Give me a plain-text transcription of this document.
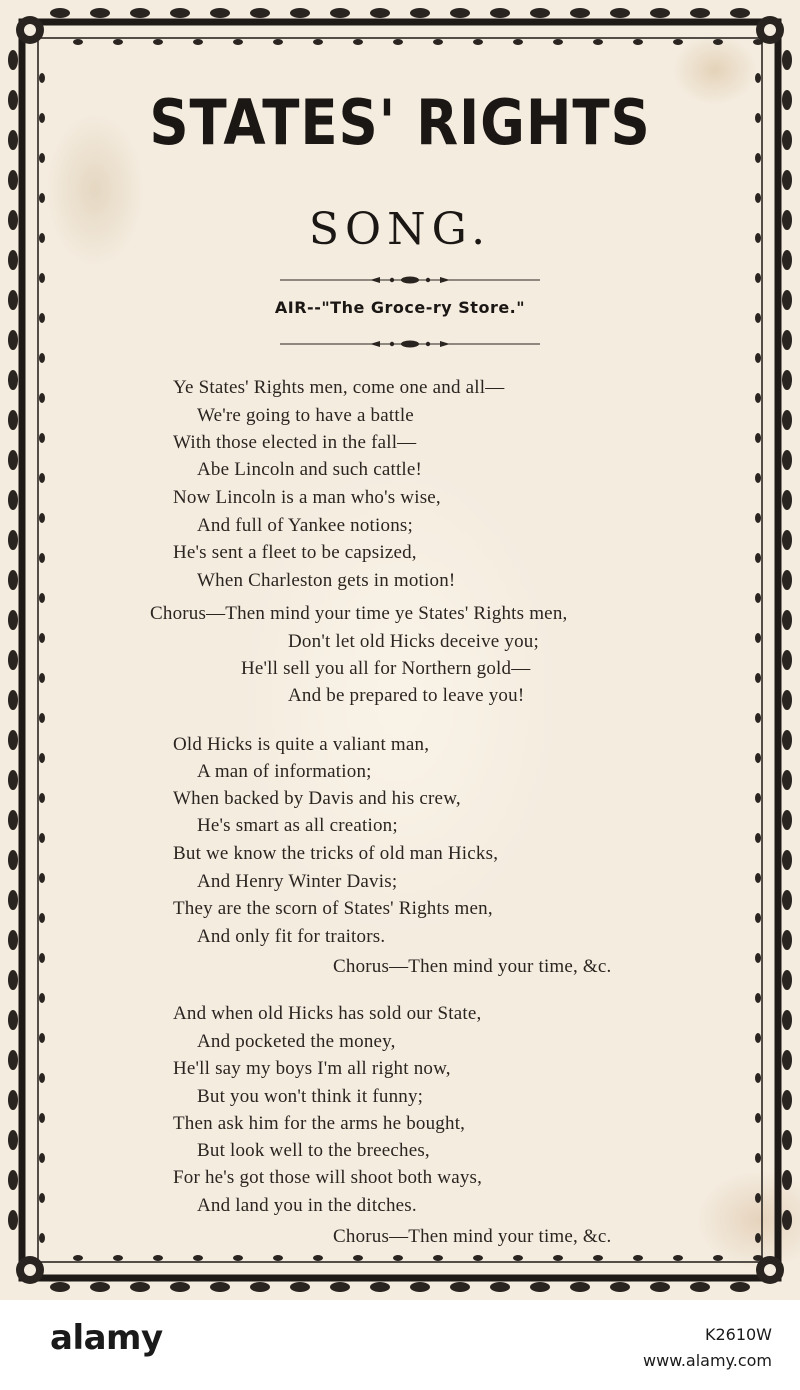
STATES' RIGHTS
SONG.
AIR--"The Groce-ry Store."
Ye States' Rights men, come one and all—
We're going to have a battle
With those elected in the fall—
Abe Lincoln and such cattle!
Now Lincoln is a man who's wise,
And full of Yankee notions;
He's sent a fleet to be capsized,
When Charleston gets in motion!
Chorus—Then mind your time ye States' Rights men,
Don't let old Hicks deceive you;
He'll sell you all for Northern gold—
And be prepared to leave you!
Old Hicks is quite a valiant man,
A man of information;
When backed by Davis and his crew,
He's smart as all creation;
But we know the tricks of old man Hicks,
And Henry Winter Davis;
They are the scorn of States' Rights men,
And only fit for traitors.
Chorus—Then mind your time, &c.
And when old Hicks has sold our State,
And pocketed the money,
He'll say my boys I'm all right now,
But you won't think it funny;
Then ask him for the arms he bought,
But look well to the breeches,
For he's got those will shoot both ways,
And land you in the ditches.
Chorus—Then mind your time, &c.
alamy	K2610W
www.alamy.com
